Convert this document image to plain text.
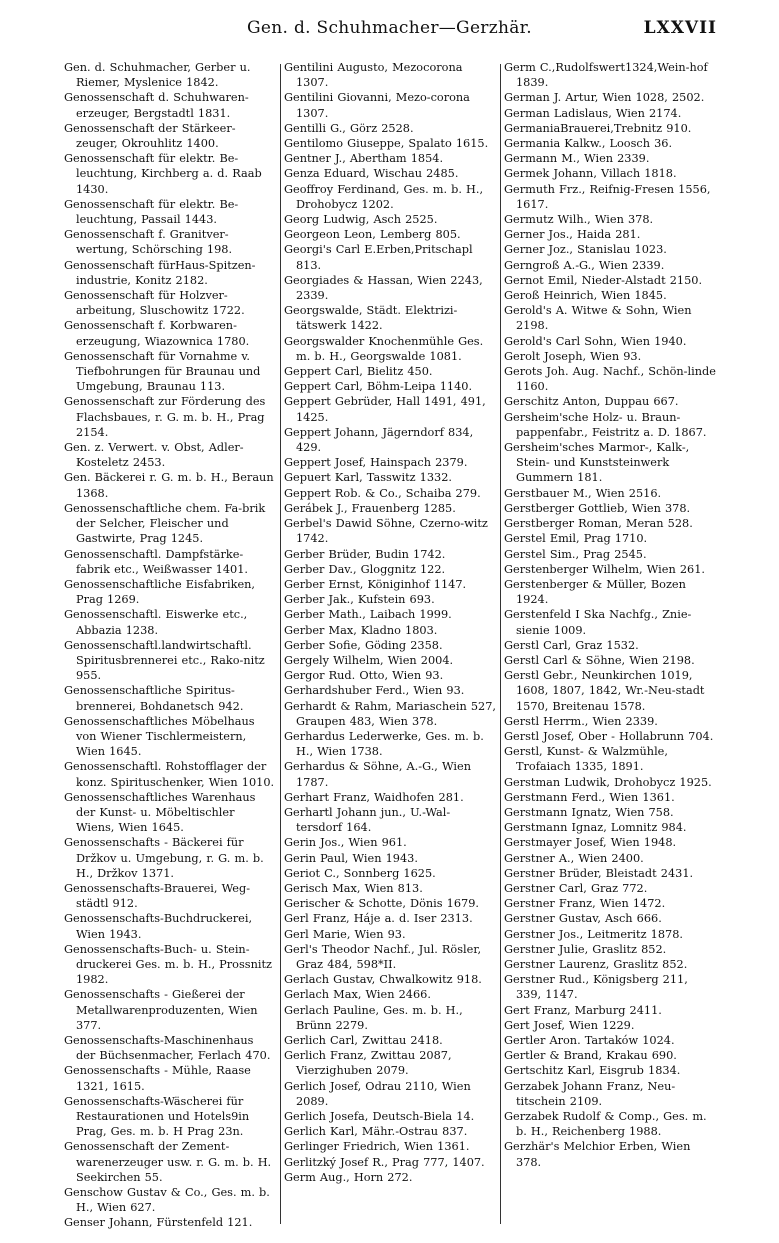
Gen. d. Schuhmacher—Gerzhär.	LXXVII

Gen. d. Schuhmacher, Gerber u. Riemer, Myslenice 1842.

Genossenschaft d. Schuhwaren-erzeuger, Bergstadtl 1831.

Genossenschaft der Stärkeer-zeuger, Okrouhlitz 1400.

Genossenschaft für elektr. Be-leuchtung, Kirchberg a. d. Raab 1430.

Genossenschaft für elektr. Be-leuchtung, Passail 1443.

Genossenschaft f. Granitver-wertung, Schörsching 198.

Genossenschaft fürHaus-Spitzen-industrie, Konitz 2182.

Genossenschaft für Holzver-arbeitung, Sluschowitz 1722.

Genossenschaft f. Korbwaren-erzeugung, Wiazownica 1780.

Genossenschaft für Vornahme v. Tiefbohrungen für Braunau und Umgebung, Braunau 113.

Genossenschaft zur Förderung des Flachsbaues, r. G. m. b. H., Prag 2154.

Gen. z. Verwert. v. Obst, Adler-Kosteletz 2453.

Gen. Bäckerei r. G. m. b. H., Beraun 1368.

Genossenschaftliche chem. Fa-brik der Selcher, Fleischer und Gastwirte, Prag 1245.

Genossenschaftl. Dampfstärke-fabrik etc., Weißwasser 1401.

Genossenschaftliche Eisfabriken, Prag 1269.

Genossenschaftl. Eiswerke etc., Abbazia 1238.

Genossenschaftl.landwirtschaftl. Spiritusbrennerei etc., Rako-nitz 955.

Genossenschaftliche Spiritus-brennerei, Bohdanetsch 942.

Genossenschaftliches Möbelhaus von Wiener Tischlermeistern, Wien 1645.

Genossenschaftl. Rohstofflager der konz. Spirituschenker, Wien 1010.

Genossenschaftliches Warenhaus der Kunst- u. Möbeltischler Wiens, Wien 1645.

Genossenschafts - Bäckerei für Držkov u. Umgebung, r. G. m. b. H., Držkov 1371.

Genossenschafts-Brauerei, Weg-städtl 912.

Genossenschafts-Buchdruckerei, Wien 1943.

Genossenschafts-Buch- u. Stein-druckerei Ges. m. b. H., Prossnitz 1982.

Genossenschafts - Gießerei der Metallwarenproduzenten, Wien 377.

Genossenschafts-Maschinenhaus der Büchsenmacher, Ferlach 470.

Genossenschafts - Mühle, Raase 1321, 1615.

Genossenschafts-Wäscherei für Restaurationen und Hotels9in Prag, Ges. m. b. H Prag 23n.

Genossenschaft der Zement-warenerzeuger usw. r. G. m. b. H. Seekirchen 55.

Genschow Gustav & Co., Ges. m. b. H., Wien 627.

Genser Johann, Fürstenfeld 121.

Gentilini Augusto, Mezocorona 1307.

Gentilini Giovanni, Mezo-corona 1307.

Gentilli G., Görz 2528.

Gentilomo Giuseppe, Spalato 1615.

Gentner J., Abertham 1854.

Genza Eduard, Wischau 2485.

Geoffroy Ferdinand, Ges. m. b. H., Drohobycz 1202.

Georg Ludwig, Asch 2525.

Georgeon Leon, Lemberg 805.

Georgi's Carl E.Erben,Pritschapl 813.

Georgiades & Hassan, Wien 2243, 2339.

Georgswalde, Städt. Elektrizi-tätswerk 1422.

Georgswalder Knochenmühle Ges. m. b. H., Georgswalde 1081.

Geppert Carl, Bielitz 450.

Geppert Carl, Böhm-Leipa 1140.

Geppert Gebrüder, Hall 1491, 491, 1425.

Geppert Johann, Jägerndorf 834, 429.

Geppert Josef, Hainspach 2379.

Gepuert Karl, Tasswitz 1332.

Geppert Rob. & Co., Schaiba 279.

Gerábek J., Frauenberg 1285.

Gerbel's Dawid Söhne, Czerno-witz 1742.

Gerber Brüder, Budin 1742.

Gerber Dav., Gloggnitz 122.

Gerber Ernst, Königinhof 1147.

Gerber Jak., Kufstein 693.

Gerber Math., Laibach 1999.

Gerber Max, Kladno 1803.

Gerber Sofie, Göding 2358.

Gergely Wilhelm, Wien 2004.

Gergor Rud. Otto, Wien 93.

Gerhardshuber Ferd., Wien 93.

Gerhardt & Rahm, Mariaschein 527, Graupen 483, Wien 378.

Gerhardus Lederwerke, Ges. m. b. H., Wien 1738.

Gerhardus & Söhne, A.-G., Wien 1787.

Gerhart Franz, Waidhofen 281.

Gerhartl Johann jun., U.-Wal-tersdorf 164.

Gerin Jos., Wien 961.

Gerin Paul, Wien 1943.

Geriot C., Sonnberg 1625.

Gerisch Max, Wien 813.

Gerischer & Schotte, Dönis 1679.

Gerl Franz, Háje a. d. Iser 2313.

Gerl Marie, Wien 93.

Gerl's Theodor Nachf., Jul. Rösler, Graz 484, 598*II.

Gerlach Gustav, Chwalkowitz 918.

Gerlach Max, Wien 2466.

Gerlach Pauline, Ges. m. b. H., Brünn 2279.

Gerlich Carl, Zwittau 2418.

Gerlich Franz, Zwittau 2087, Vierzighuben 2079.

Gerlich Josef, Odrau 2110, Wien 2089.

Gerlich Josefa, Deutsch-Biela 14.

Gerlich Karl, Mähr.-Ostrau 837.

Gerlinger Friedrich, Wien 1361.

Gerlitzký Josef R., Prag 777, 1407.

Germ Aug., Horn 272.

Germ C.,Rudolfswert1324,Wein-hof 1839.

German J. Artur, Wien 1028, 2502.

German Ladislaus, Wien 2174.

GermaniaBrauerei,Trebnitz 910.

Germania Kalkw., Loosch 36.

Germann M., Wien 2339.

Germek Johann, Villach 1818.

Germuth Frz., Reifnig-Fresen 1556, 1617.

Germutz Wilh., Wien 378.

Gerner Jos., Haida 281.

Gerner Joz., Stanislau 1023.

Gerngroß A.-G., Wien 2339.

Gernot Emil, Nieder-Alstadt 2150.

Geroß Heinrich, Wien 1845.

Gerold's A. Witwe & Sohn, Wien 2198.

Gerold's Carl Sohn, Wien 1940.

Gerolt Joseph, Wien 93.

Gerots Joh. Aug. Nachf., Schön-linde 1160.

Gerschitz Anton, Duppau 667.

Gersheim'sche Holz- u. Braun-pappenfabr., Feistritz a. D. 1867.

Gersheim'sches Marmor-, Kalk-, Stein- und Kunststeinwerk Gummern 181.

Gerstbauer M., Wien 2516.

Gerstberger Gottlieb, Wien 378.

Gerstberger Roman, Meran 528.

Gerstel Emil, Prag 1710.

Gerstel Sim., Prag 2545.

Gerstenberger Wilhelm, Wien 261.

Gerstenberger & Müller, Bozen 1924.

Gerstenfeld I Ska Nachfg., Znie-sienie 1009.

Gerstl Carl, Graz 1532.

Gerstl Carl & Söhne, Wien 2198.

Gerstl Gebr., Neunkirchen 1019, 1608, 1807, 1842, Wr.-Neu-stadt 1570, Breitenau 1578.

Gerstl Herrm., Wien 2339.

Gerstl Josef, Ober - Hollabrunn 704.

Gerstl, Kunst- & Walzmühle, Trofaiach 1335, 1891.

Gerstman Ludwik, Drohobycz 1925.

Gerstmann Ferd., Wien 1361.

Gerstmann Ignatz, Wien 758.

Gerstmann Ignaz, Lomnitz 984.

Gerstmayer Josef, Wien 1948.

Gerstner A., Wien 2400.

Gerstner Brüder, Bleistadt 2431.

Gerstner Carl, Graz 772.

Gerstner Franz, Wien 1472.

Gerstner Gustav, Asch 666.

Gerstner Jos., Leitmeritz 1878.

Gerstner Julie, Graslitz 852.

Gerstner Laurenz, Graslitz 852.

Gerstner Rud., Königsberg 211, 339, 1147.

Gert Franz, Marburg 2411.

Gert Josef, Wien 1229.

Gertler Aron. Tartaków 1024.

Gertler & Brand, Krakau 690.

Gertschitz Karl, Eisgrub 1834.

Gerzabek Johann Franz, Neu-titschein 2109.

Gerzabek Rudolf & Comp., Ges. m. b. H., Reichenberg 1988.

Gerzhär's Melchior Erben, Wien 378.
